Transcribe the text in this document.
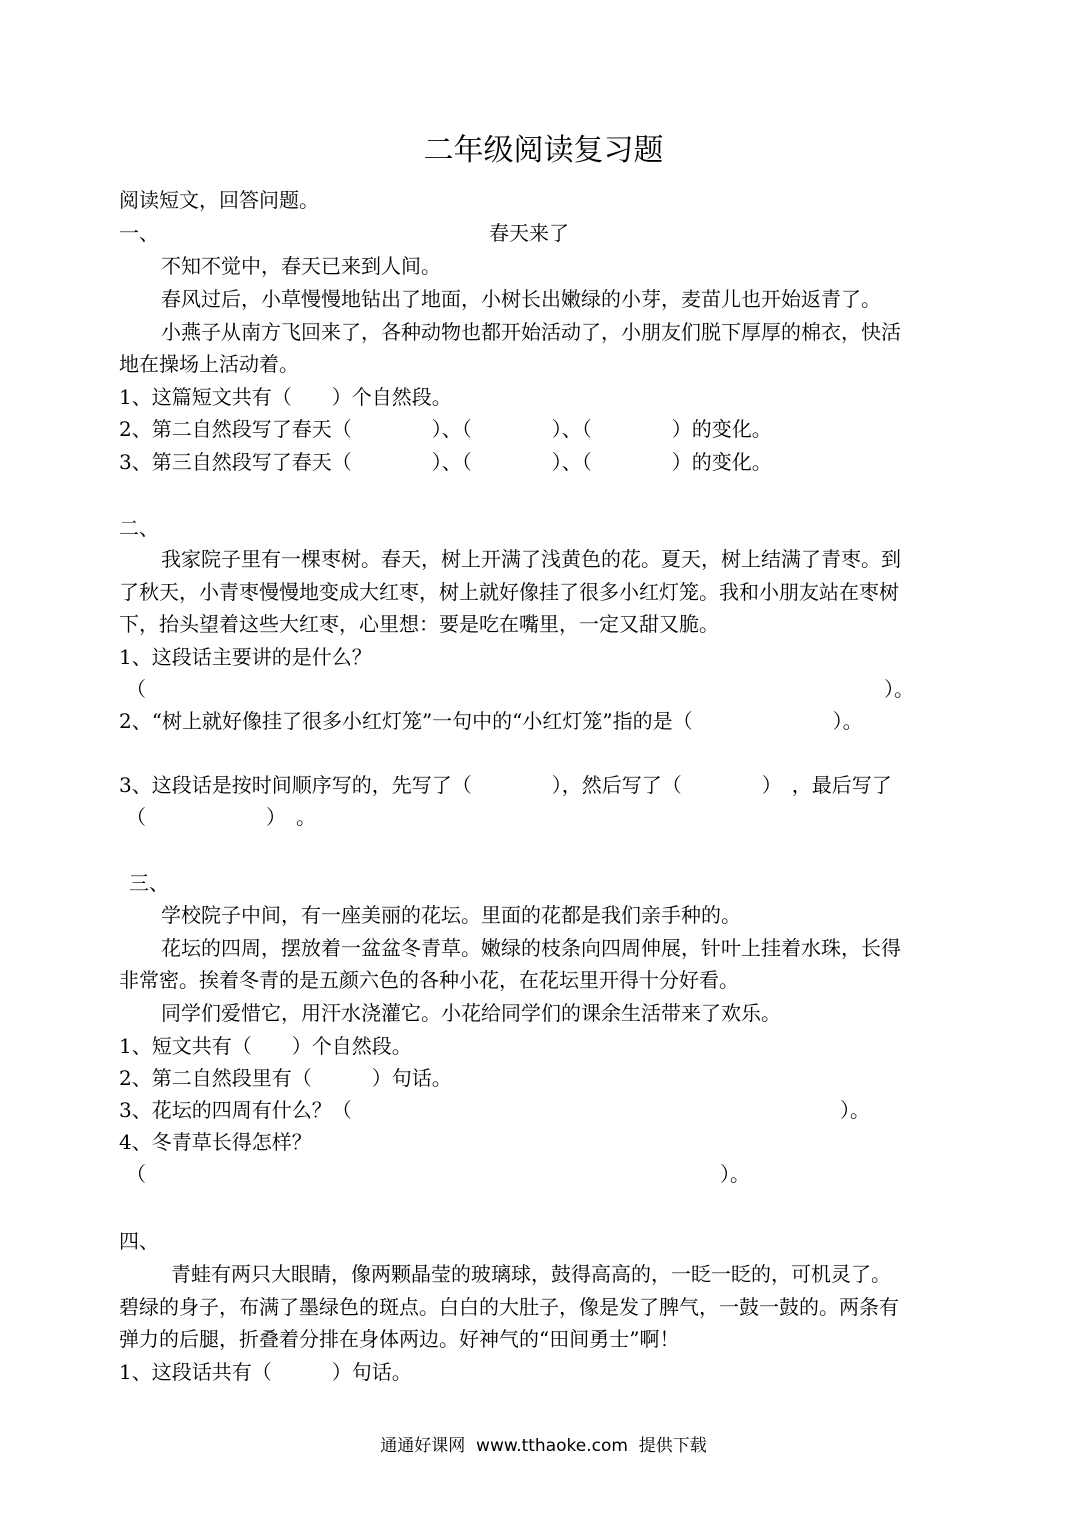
二年级阅读复习题
阅读短文，回答问题。
一、	春天来了
不知不觉中，春天已来到人间。
春风过后，小草慢慢地钻出了地面，小树长出嫩绿的小芽，麦苗儿也开始返青了。
小燕子从南方飞回来了，各种动物也都开始活动了，小朋友们脱下厚厚的棉衣，快活
地在操场上活动着。
1、这篇短文共有（　　）个自然段。
2、第二自然段写了春天（　　　　）、（　　　　）、（　　　　）的变化。
3、第三自然段写了春天（　　　　）、（　　　　）、（　　　　）的变化。
二、
我家院子里有一棵枣树。春天，树上开满了浅黄色的花。夏天，树上结满了青枣。到
了秋天，小青枣慢慢地变成大红枣，树上就好像挂了很多小红灯笼。我和小朋友站在枣树
下，抬头望着这些大红枣，心里想：要是吃在嘴里，一定又甜又脆。
1、这段话主要讲的是什么？
（	）。
2、“树上就好像挂了很多小红灯笼”一句中的“小红灯笼”指的是（　　　　　　　）。
3、这段话是按时间顺序写的，先写了（　　　　），然后写了（　　　　）　，最后写了
（　　　　　　）　。
三、
学校院子中间，有一座美丽的花坛。里面的花都是我们亲手种的。
花坛的四周，摆放着一盆盆冬青草。嫩绿的枝条向四周伸展，针叶上挂着水珠，长得
非常密。挨着冬青的是五颜六色的各种小花，在花坛里开得十分好看。
同学们爱惜它，用汗水浇灌它。小花给同学们的课余生活带来了欢乐。
1、短文共有（　　）个自然段。
2、第二自然段里有（　　　）句话。
3、花坛的四周有什么？（	）。
4、冬青草长得怎样？
（	）。
四、
青蛙有两只大眼睛，像两颗晶莹的玻璃球，鼓得高高的，一眨一眨的，可机灵了。
碧绿的身子，布满了墨绿色的斑点。白白的大肚子，像是发了脾气，一鼓一鼓的。两条有
弹力的后腿，折叠着分排在身体两边。好神气的“田间勇士”啊！
1、这段话共有（　　　）句话。
通通好课网  www.tthaoke.com  提供下载
